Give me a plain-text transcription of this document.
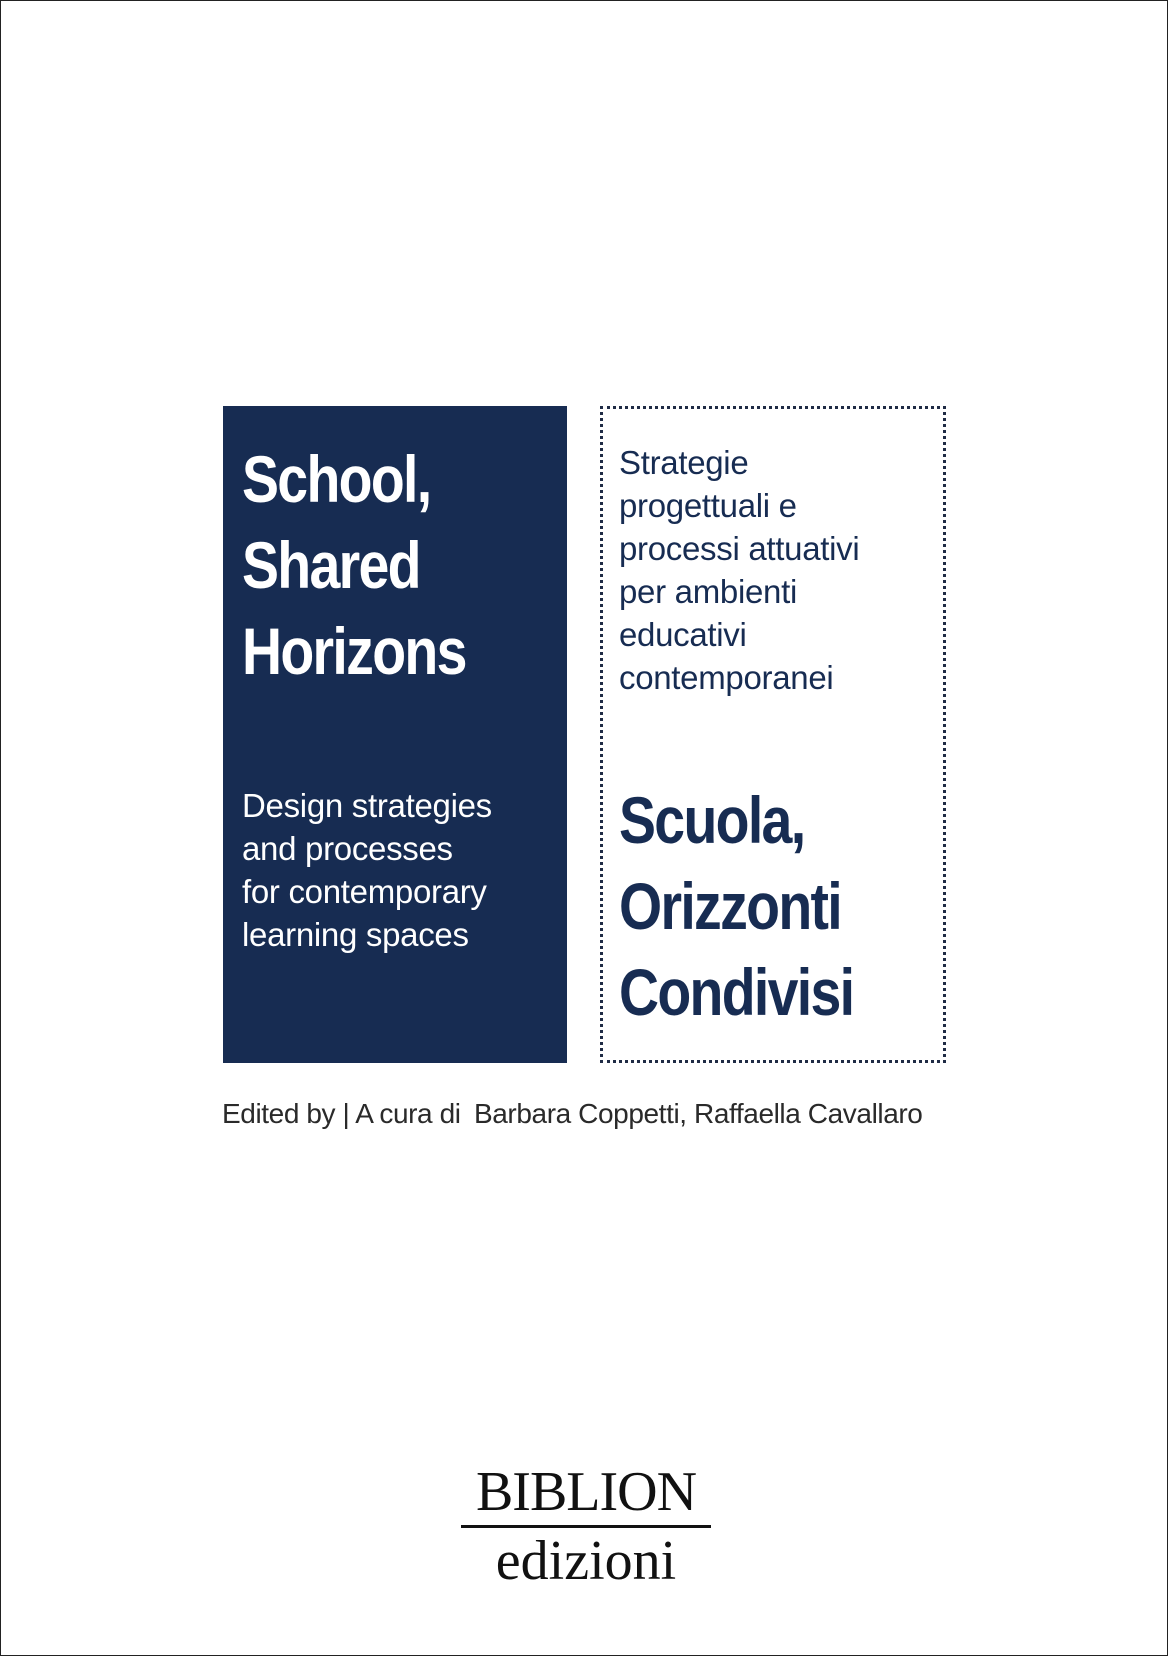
School,
Shared
Horizons

Design strategies
and processes
for contemporary
learning spaces

Strategie
progettuali e
processi attuativi
per ambienti
educativi
contemporanei

Scuola,
Orizzonti
Condivisi
Edited by | A cura di Barbara Coppetti, Raffaella Cavallaro
BIBLION
edizioni
